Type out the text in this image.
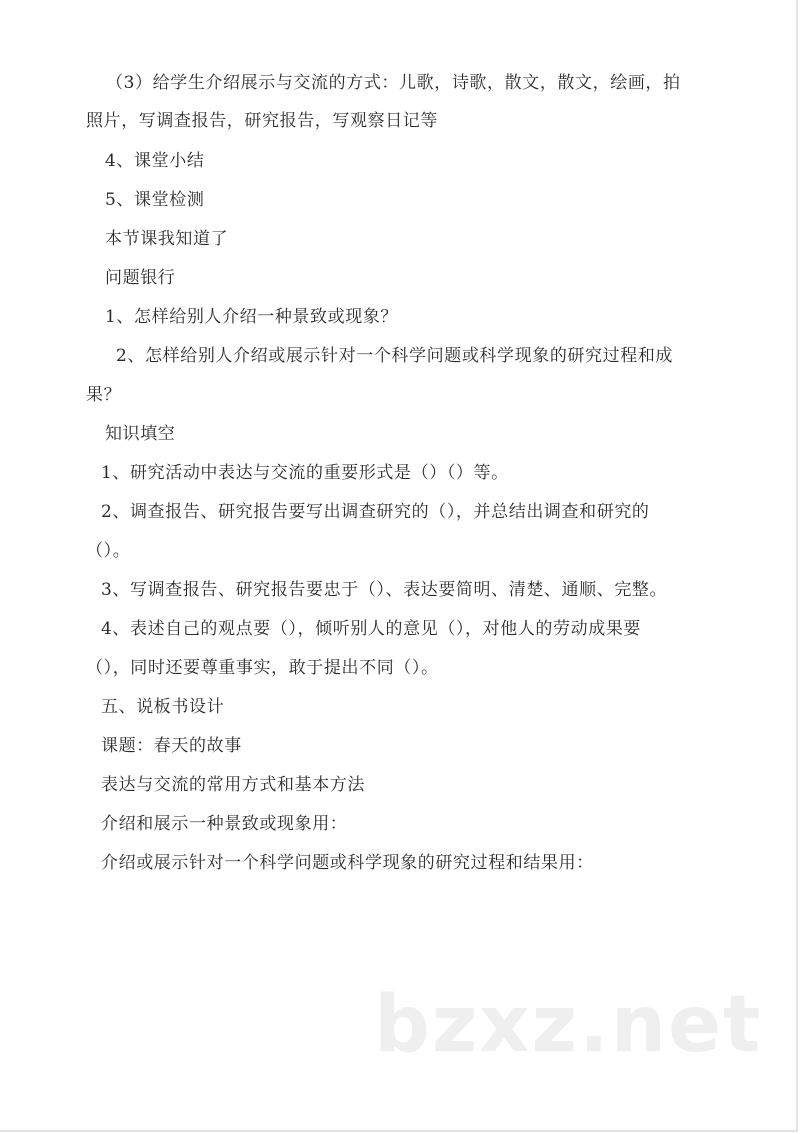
（3）给学生介绍展示与交流的方式：儿歌，诗歌，散文，散文，绘画，拍
照片，写调查报告，研究报告，写观察日记等
4、课堂小结
5、课堂检测
本节课我知道了
问题银行
1、怎样给别人介绍一种景致或现象？
2、怎样给别人介绍或展示针对一个科学问题或科学现象的研究过程和成
果？
知识填空
1、研究活动中表达与交流的重要形式是（）（）等。
2、调查报告、研究报告要写出调查研究的（），并总结出调查和研究的
（）。
3、写调查报告、研究报告要忠于（）、表达要简明、清楚、通顺、完整。
4、表述自己的观点要（），倾听别人的意见（），对他人的劳动成果要
（），同时还要尊重事实，敢于提出不同（）。
五、说板书设计
课题：春天的故事
表达与交流的常用方式和基本方法
介绍和展示一种景致或现象用：
介绍或展示针对一个科学问题或科学现象的研究过程和结果用：
bzxz.net
